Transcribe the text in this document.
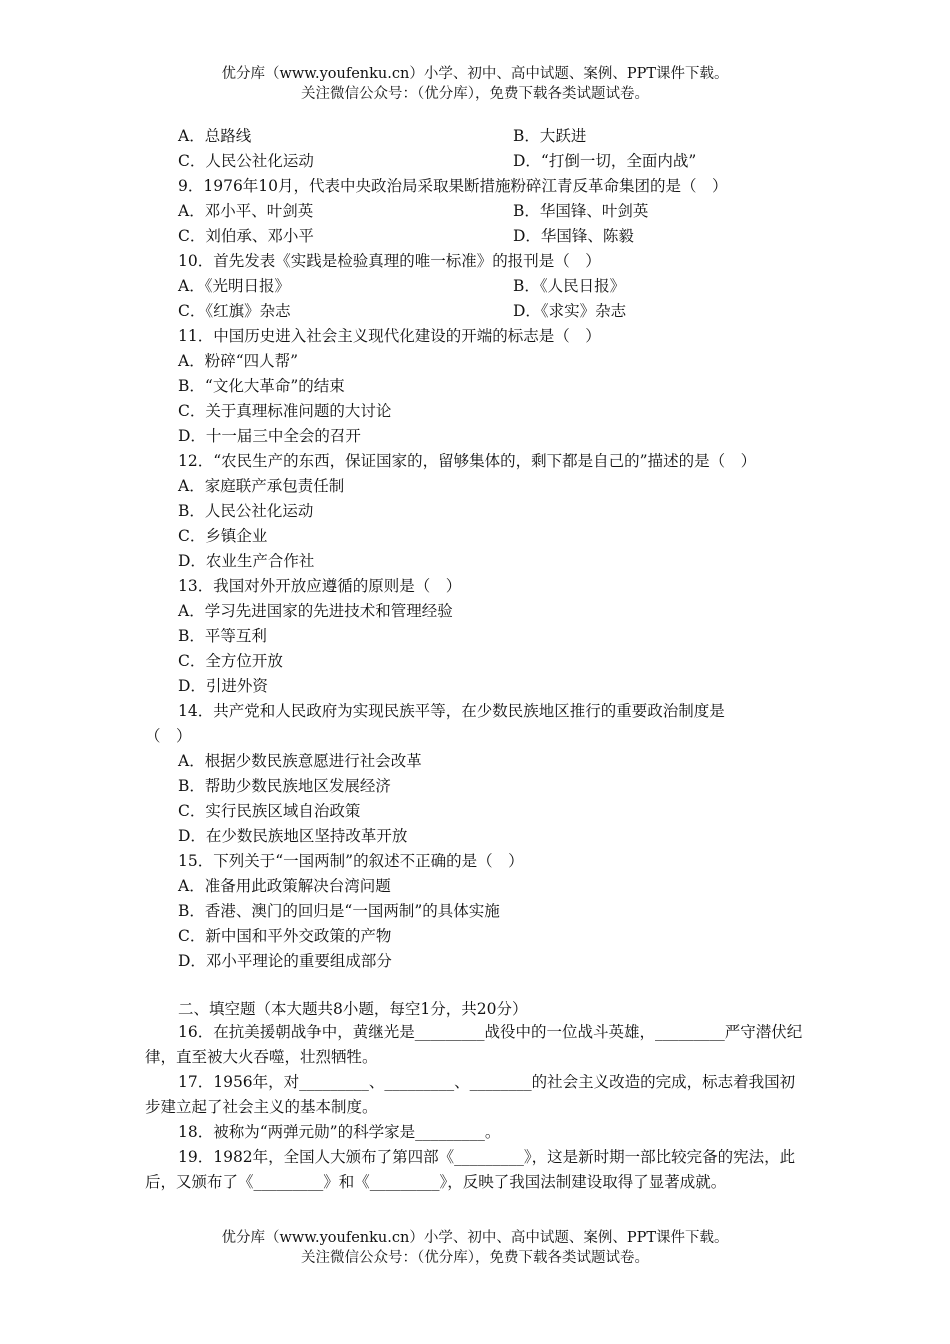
优分库（www.youfenku.cn）小学、初中、高中试题、案例、PPT课件下载。
关注微信公众号：（优分库），免费下载各类试题试卷。
A．总路线	B．大跃进
C．人民公社化运动	D．“打倒一切，全面内战”
9．1976年10月，代表中央政治局采取果断措施粉碎江青反革命集团的是（　）
A．邓小平、叶剑英	B．华国锋、叶剑英
C．刘伯承、邓小平	D．华国锋、陈毅
10．首先发表《实践是检验真理的唯一标准》的报刊是（　）
A．《光明日报》	B．《人民日报》
C．《红旗》杂志	D．《求实》杂志
11．中国历史进入社会主义现代化建设的开端的标志是（　）
A．粉碎“四人帮”
B．“文化大革命”的结束
C．关于真理标准问题的大讨论
D．十一届三中全会的召开
12．“农民生产的东西，保证国家的，留够集体的，剩下都是自己的”描述的是（　）
A．家庭联产承包责任制
B．人民公社化运动
C．乡镇企业
D．农业生产合作社
13．我国对外开放应遵循的原则是（　）
A．学习先进国家的先进技术和管理经验
B．平等互利
C．全方位开放
D．引进外资
14．共产党和人民政府为实现民族平等，在少数民族地区推行的重要政治制度是
（　）
A．根据少数民族意愿进行社会改革
B．帮助少数民族地区发展经济
C．实行民族区域自治政策
D．在少数民族地区坚持改革开放
15．下列关于“一国两制”的叙述不正确的是（　）
A．准备用此政策解决台湾问题
B．香港、澳门的回归是“一国两制”的具体实施
C．新中国和平外交政策的产物
D．邓小平理论的重要组成部分
二、填空题（本大题共8小题，每空1分，共20分）
16．在抗美援朝战争中，黄继光是_________战役中的一位战斗英雄，_________严守潜伏纪律，直至被大火吞噬，壮烈牺牲。
17．1956年，对_________、_________、________的社会主义改造的完成，标志着我国初步建立起了社会主义的基本制度。
18．被称为“两弹元勋”的科学家是_________。
19．1982年，全国人大颁布了第四部《_________》，这是新时期一部比较完备的宪法，此后，又颁布了《_________》和《_________》，反映了我国法制建设取得了显著成就。
优分库（www.youfenku.cn）小学、初中、高中试题、案例、PPT课件下载。
关注微信公众号：（优分库），免费下载各类试题试卷。
